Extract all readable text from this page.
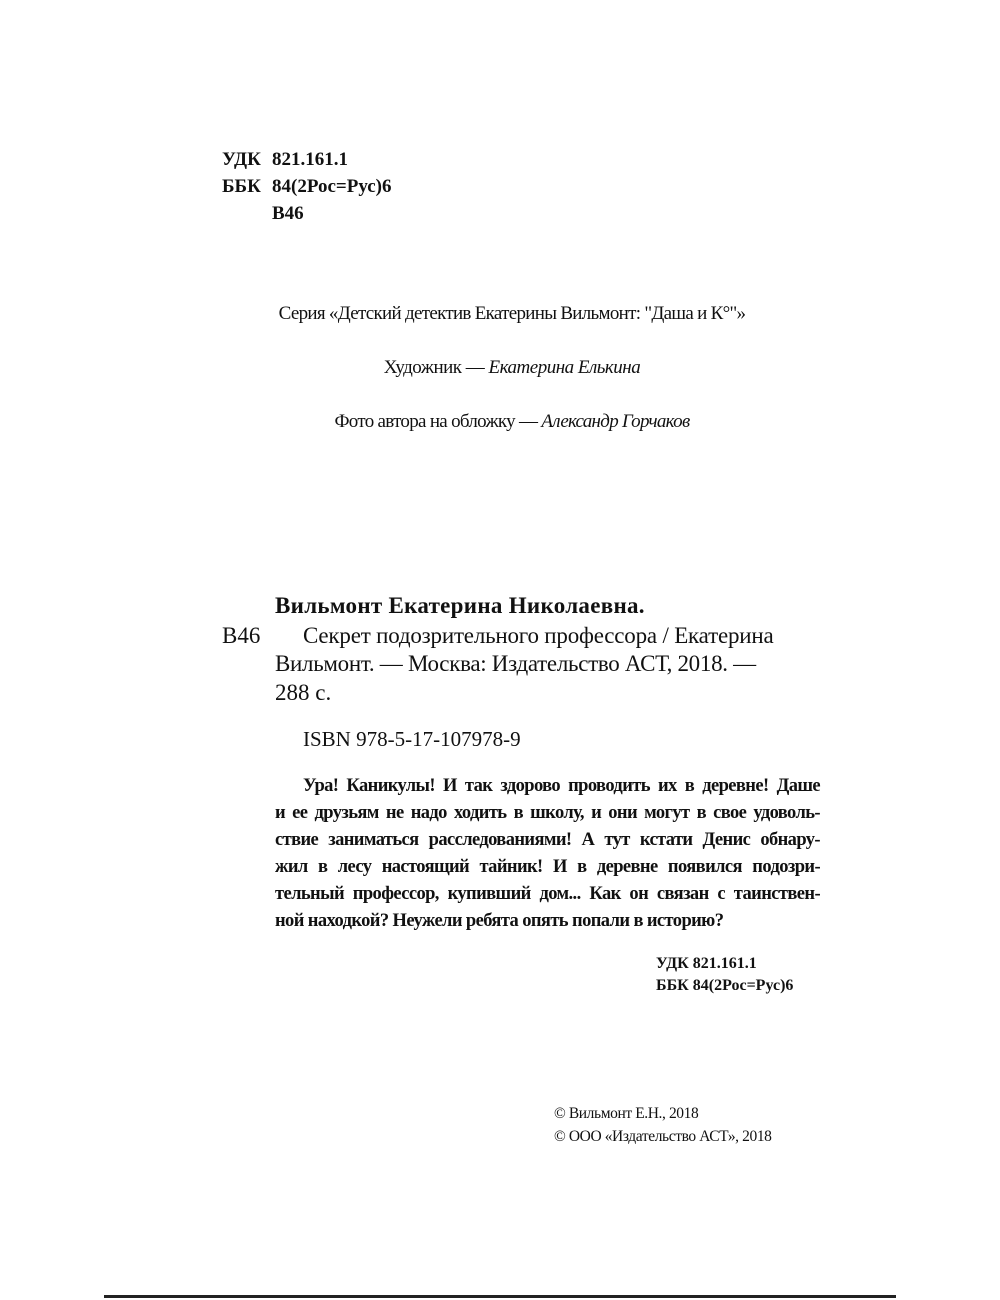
УДК 821.161.1
ББК 84(2Рос=Рус)6
В46
Серия «Детский детектив Екатерины Вильмонт: "Даша и К°"»
Художник — Екатерина Елькина
Фото автора на обложку — Александр Горчаков
Вильмонт Екатерина Николаевна.
В46 Секрет подозрительного профессора / Екатерина
Вильмонт. — Москва: Издательство АСТ, 2018. —
288 с.
ISBN 978-5-17-107978-9
Ура! Каникулы! И так здорово проводить их в деревне! Даше
и ее друзьям не надо ходить в школу, и они могут в свое удоволь-
ствие заниматься расследованиями! А тут кстати Денис обнару-
жил в лесу настоящий тайник! И в деревне появился подозри-
тельный профессор, купивший дом... Как он связан с таинствен-
ной находкой? Неужели ребята опять попали в историю?
УДК 821.161.1
ББК 84(2Рос=Рус)6
© Вильмонт Е.Н., 2018
© ООО «Издательство АСТ», 2018
